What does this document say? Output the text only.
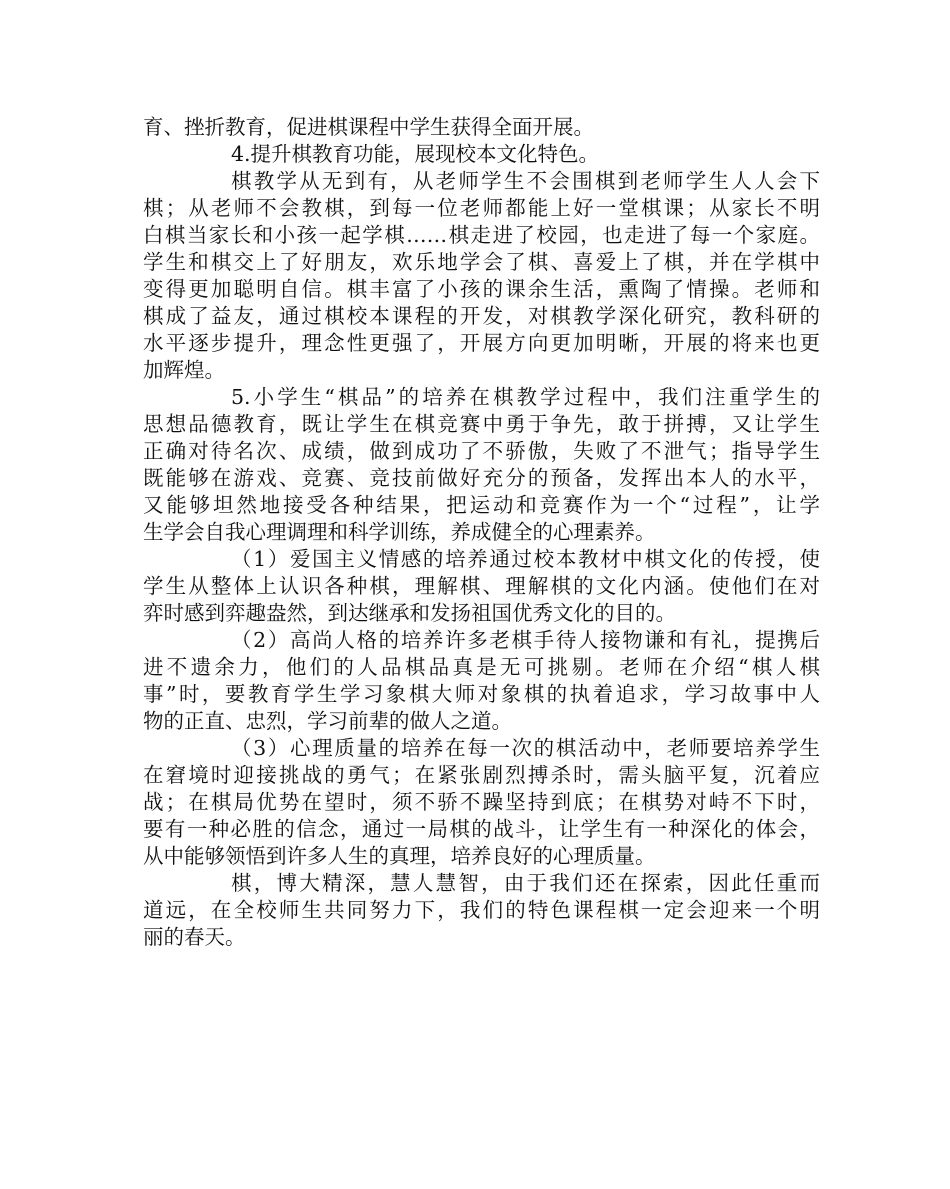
育、挫折教育，促进棋课程中学生获得全面开展。
4.提升棋教育功能，展现校本文化特色。
棋教学从无到有，从老师学生不会围棋到老师学生人人会下
棋；从老师不会教棋，到每一位老师都能上好一堂棋课；从家长不明
白棋当家长和小孩一起学棋……棋走进了校园，也走进了每一个家庭。
学生和棋交上了好朋友，欢乐地学会了棋、喜爱上了棋，并在学棋中
变得更加聪明自信。棋丰富了小孩的课余生活，熏陶了情操。老师和
棋成了益友，通过棋校本课程的开发，对棋教学深化研究，教科研的
水平逐步提升，理念性更强了，开展方向更加明晰，开展的将来也更
加辉煌。
5.小学生“棋品”的培养在棋教学过程中，我们注重学生的
思想品德教育，既让学生在棋竞赛中勇于争先，敢于拼搏，又让学生
正确对待名次、成绩，做到成功了不骄傲，失败了不泄气；指导学生
既能够在游戏、竞赛、竞技前做好充分的预备，发挥出本人的水平，
又能够坦然地接受各种结果，把运动和竞赛作为一个“过程”，让学
生学会自我心理调理和科学训练，养成健全的心理素养。
（1）爱国主义情感的培养通过校本教材中棋文化的传授，使
学生从整体上认识各种棋，理解棋、理解棋的文化内涵。使他们在对
弈时感到弈趣盎然，到达继承和发扬祖国优秀文化的目的。
（2）高尚人格的培养许多老棋手待人接物谦和有礼，提携后
进不遗余力，他们的人品棋品真是无可挑剔。老师在介绍“棋人棋
事”时，要教育学生学习象棋大师对象棋的执着追求，学习故事中人
物的正直、忠烈，学习前辈的做人之道。
（3）心理质量的培养在每一次的棋活动中，老师要培养学生
在窘境时迎接挑战的勇气；在紧张剧烈搏杀时，需头脑平复，沉着应
战；在棋局优势在望时，须不骄不躁坚持到底；在棋势对峙不下时，
要有一种必胜的信念，通过一局棋的战斗，让学生有一种深化的体会，
从中能够领悟到许多人生的真理，培养良好的心理质量。
棋，博大精深，慧人慧智，由于我们还在探索，因此任重而
道远，在全校师生共同努力下，我们的特色课程棋一定会迎来一个明
丽的春天。
